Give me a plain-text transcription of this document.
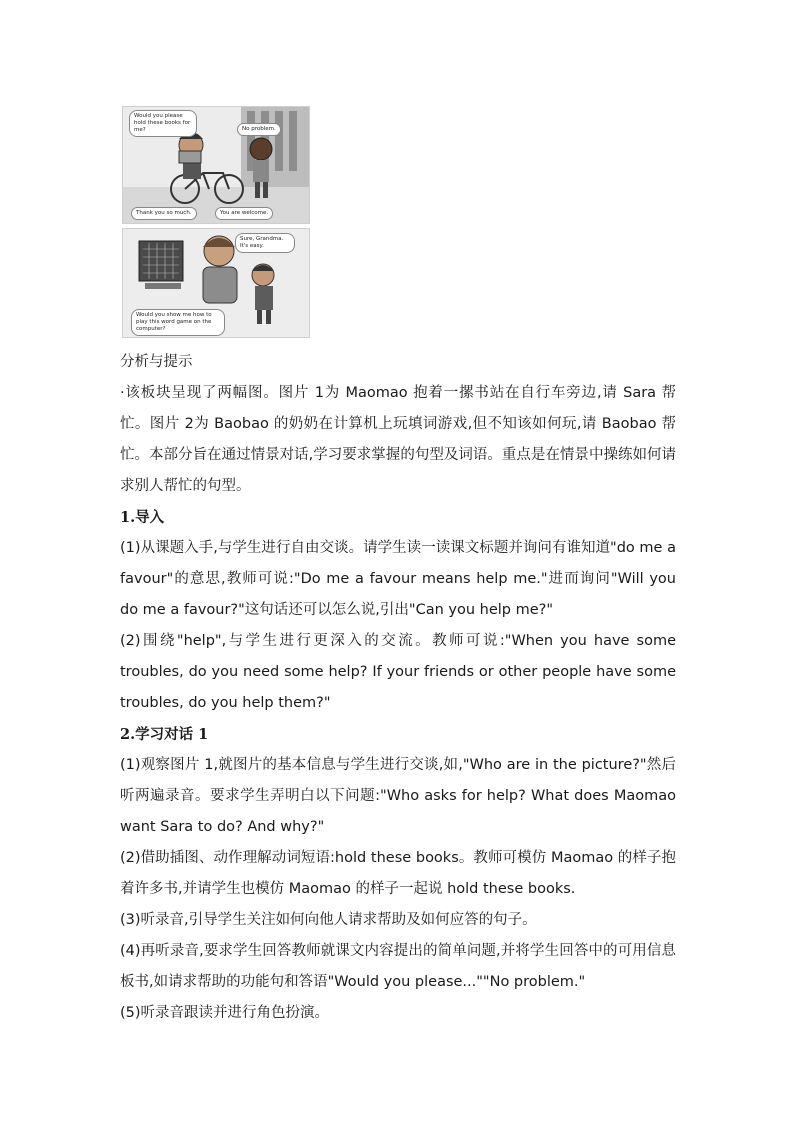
Would you please hold these books for me?	No problem.
Thank you so much.	You are welcome.
Sure, Grandma. It's easy.
Would you show me how to play this word game on the computer?

分析与提示

·该板块呈现了两幅图。图片 1为 Maomao 抱着一摞书站在自行车旁边,请 Sara 帮忙。图片 2为 Baobao 的奶奶在计算机上玩填词游戏,但不知该如何玩,请 Baobao 帮忙。本部分旨在通过情景对话,学习要求掌握的句型及词语。重点是在情景中操练如何请求别人帮忙的句型。

1.导入

(1)从课题入手,与学生进行自由交谈。请学生读一读课文标题并询问有谁知道"do me a favour"的意思,教师可说:"Do me a favour means help me."进而询问"Will you do me a favour?"这句话还可以怎么说,引出"Can you help me?"

(2)围绕"help",与学生进行更深入的交流。教师可说:"When you have some troubles, do you need some help? If your friends or other people have some troubles, do you help them?"

2.学习对话 1

(1)观察图片 1,就图片的基本信息与学生进行交谈,如,"Who are in the picture?"然后听两遍录音。要求学生弄明白以下问题:"Who asks for help? What does Maomao want Sara to do? And why?"

(2)借助插图、动作理解动词短语:hold these books。教师可模仿 Maomao 的样子抱着许多书,并请学生也模仿 Maomao 的样子一起说 hold these books.

(3)听录音,引导学生关注如何向他人请求帮助及如何应答的句子。

(4)再听录音,要求学生回答教师就课文内容提出的简单问题,并将学生回答中的可用信息板书,如请求帮助的功能句和答语"Would you please...""No problem."

(5)听录音跟读并进行角色扮演。
